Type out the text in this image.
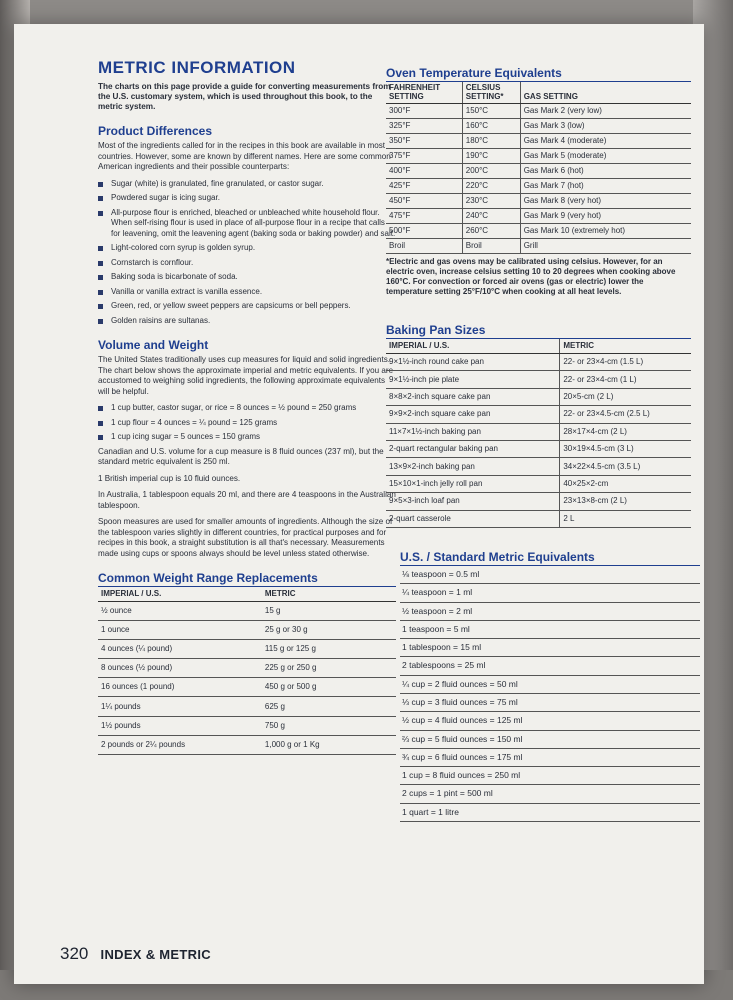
METRIC INFORMATION
The charts on this page provide a guide for converting measurements from the U.S. customary system, which is used throughout this book, to the metric system.
Product Differences

Most of the ingredients called for in the recipes in this book are available in most countries. However, some are known by different names. Here are some common American ingredients and their possible counterparts:

Sugar (white) is granulated, fine granulated, or castor sugar.
Powdered sugar is icing sugar.
All-purpose flour is enriched, bleached or unbleached white household flour. When self-rising flour is used in place of all-purpose flour in a recipe that calls for leavening, omit the leavening agent (baking soda or baking powder) and salt.
Light-colored corn syrup is golden syrup.
Cornstarch is cornflour.
Baking soda is bicarbonate of soda.
Vanilla or vanilla extract is vanilla essence.
Green, red, or yellow sweet peppers are capsicums or bell peppers.
Golden raisins are sultanas.
Volume and Weight

The United States traditionally uses cup measures for liquid and solid ingredients. The chart below shows the approximate imperial and metric equivalents. If you are accustomed to weighing solid ingredients, the following approximate equivalents will be helpful.

1 cup butter, castor sugar, or rice = 8 ounces = ½ pound = 250 grams
1 cup flour = 4 ounces = ¼ pound = 125 grams
1 cup icing sugar = 5 ounces = 150 grams

Canadian and U.S. volume for a cup measure is 8 fluid ounces (237 ml), but the standard metric equivalent is 250 ml.

1 British imperial cup is 10 fluid ounces.

In Australia, 1 tablespoon equals 20 ml, and there are 4 teaspoons in the Australian tablespoon.

Spoon measures are used for smaller amounts of ingredients. Although the size of the tablespoon varies slightly in different countries, for practical purposes and for recipes in this book, a straight substitution is all that's necessary. Measurements made using cups or spoons always should be level unless stated otherwise.

Common Weight Range Replacements
IMPERIAL / U.S.	METRIC
½ ounce	15 g
1 ounce	25 g or 30 g
4 ounces (¼ pound)	115 g or 125 g
8 ounces (½ pound)	225 g or 250 g
16 ounces (1 pound)	450 g or 500 g
1¼ pounds	625 g
1½ pounds	750 g
2 pounds or 2¼ pounds	1,000 g or 1 Kg
Oven Temperature Equivalents
FAHRENHEIT SETTING	CELSIUS SETTING*	GAS SETTING
300°F	150°C	Gas Mark 2 (very low)
325°F	160°C	Gas Mark 3 (low)
350°F	180°C	Gas Mark 4 (moderate)
375°F	190°C	Gas Mark 5 (moderate)
400°F	200°C	Gas Mark 6 (hot)
425°F	220°C	Gas Mark 7 (hot)
450°F	230°C	Gas Mark 8 (very hot)
475°F	240°C	Gas Mark 9 (very hot)
500°F	260°C	Gas Mark 10 (extremely hot)
Broil	Broil	Grill
*Electric and gas ovens may be calibrated using celsius. However, for an electric oven, increase celsius setting 10 to 20 degrees when cooking above 160°C. For convection or forced air ovens (gas or electric) lower the temperature setting 25°F/10°C when cooking at all heat levels.
Baking Pan Sizes
IMPERIAL / U.S.	METRIC
9×1½-inch round cake pan	22- or 23×4-cm (1.5 L)
9×1½-inch pie plate	22- or 23×4-cm (1 L)
8×8×2-inch square cake pan	20×5-cm (2 L)
9×9×2-inch square cake pan	22- or 23×4.5-cm (2.5 L)
11×7×1½-inch baking pan	28×17×4-cm (2 L)
2-quart rectangular baking pan	30×19×4.5-cm (3 L)
13×9×2-inch baking pan	34×22×4.5-cm (3.5 L)
15×10×1-inch jelly roll pan	40×25×2-cm
9×5×3-inch loaf pan	23×13×8-cm (2 L)
2-quart casserole	2 L
U.S. / Standard Metric Equivalents
⅛ teaspoon = 0.5 ml
¼ teaspoon = 1 ml
½ teaspoon = 2 ml
1 teaspoon = 5 ml
1 tablespoon = 15 ml
2 tablespoons = 25 ml
¼ cup = 2 fluid ounces = 50 ml
⅓ cup = 3 fluid ounces = 75 ml
½ cup = 4 fluid ounces = 125 ml
⅔ cup = 5 fluid ounces = 150 ml
¾ cup = 6 fluid ounces = 175 ml
1 cup = 8 fluid ounces = 250 ml
2 cups = 1 pint = 500 ml
1 quart = 1 litre
320 INDEX & METRIC
